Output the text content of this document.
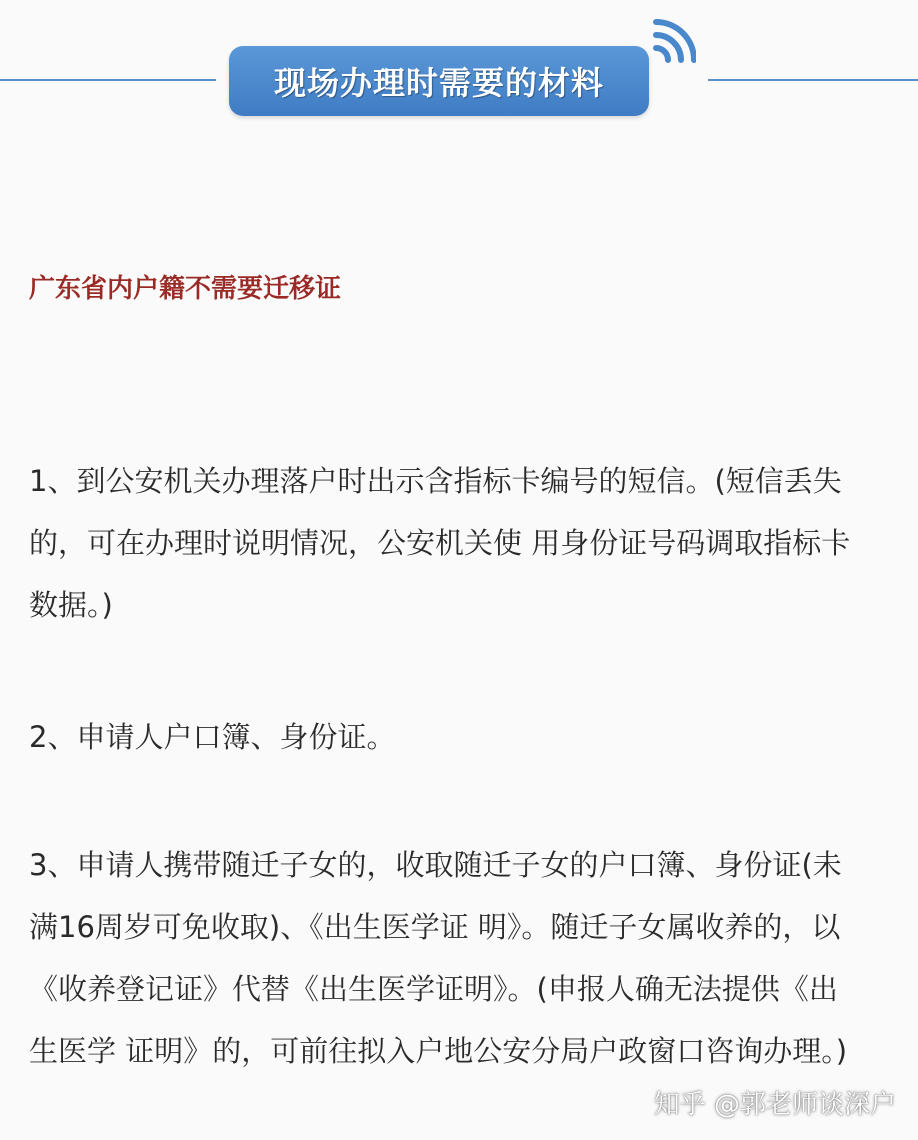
现场办理时需要的材料
广东省内户籍不需要迁移证

1、到公安机关办理落户时出示含指标卡编号的短信。(短信丢失
的，可在办理时说明情况，公安机关使 用身份证号码调取指标卡
数据。)

2、申请人户口簿、身份证。

3、申请人携带随迁子女的，收取随迁子女的户口簿、身份证(未
满16周岁可免收取)、《出生医学证 明》。随迁子女属收养的，以
《收养登记证》代替《出生医学证明》。(申报人确无法提供《出
生医学 证明》的，可前往拟入户地公安分局户政窗口咨询办理。)

知乎 @郭老师谈深户
